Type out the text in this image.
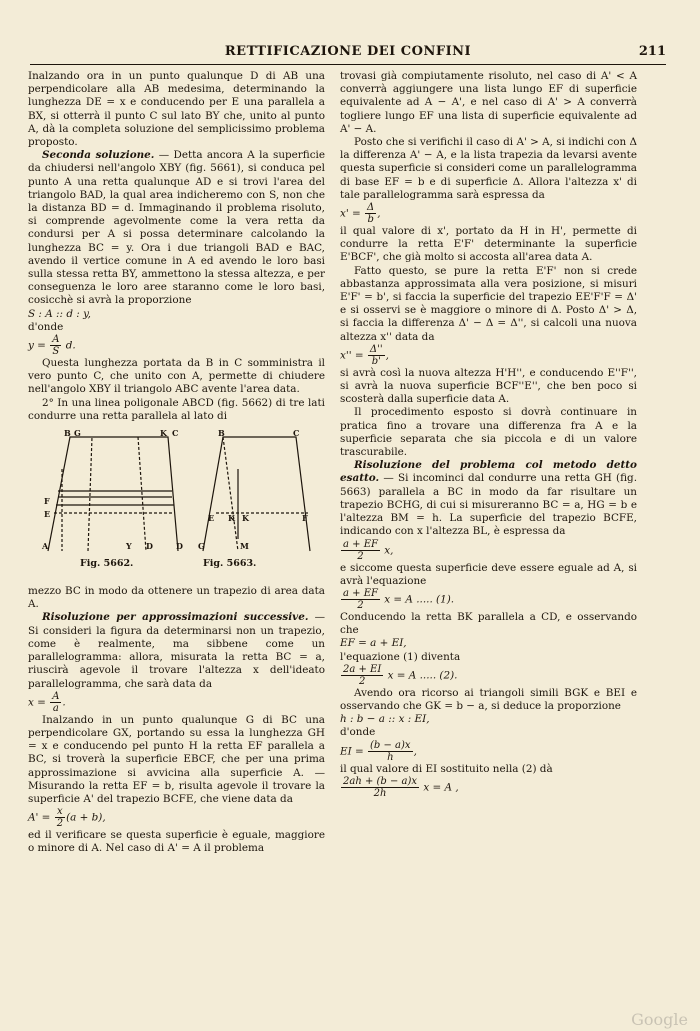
RETTIFICAZIONE DEI CONFINI	211

Inalzando ora in un punto qualunque D di AB una perpendicolare alla AB medesima, determinando la lunghezza DE = x e conducendo per E una parallela a BX, si otterrà il punto C sul lato BY che, unito al punto A, dà la completa soluzione del semplicissimo problema proposto.

Seconda soluzione. — Detta ancora A la superficie da chiudersi nell'angolo XBY (fig. 5661), si conduca pel punto A una retta qualunque AD e si trovi l'area del triangolo BAD, la qual area indicheremo con S, non che la distanza BD = d. Immaginando il problema risoluto, si comprende agevolmente come la vera retta da condursi per A si possa determinare calcolando la lunghezza BC = y. Ora i due triangoli BAD e BAC, avendo il vertice comune in A ed avendo le loro basi sulla stessa retta BY, ammettono la stessa altezza, e per conseguenza le loro aree staranno come le loro basi, cosicchè si avrà la proporzione

S : A :: d : y,

d'onde

$y = \frac{A}{S} d$.

Questa lunghezza portata da B in C somministra il vero punto C, che unito con A, permette di chiudere nell'angolo XBY il triangolo ABC avente l'area data.

2° In una linea poligonale ABCD (fig. 5662) di tre lati condurre una retta parallela al lato di

B G	K C
E
F
A	Y D	D
B	C
E K K
G	M
F
Fig. 5662.	Fig. 5663.

mezzo BC in modo da ottenere un trapezio di area data A.

Risoluzione per approssimazioni successive. — Si consideri la figura da determinarsi non un trapezio, come è realmente, ma sibbene come un parallelogramma: allora, misurata la retta BC = a, riuscirà agevole il trovare l'altezza x dell'ideato parallelogramma, che sarà data da

$x = \frac{A}{a}$ .

Inalzando in un punto qualunque G di BC una perpendicolare GX, portando su essa la lunghezza GH = x e conducendo pel punto H la retta EF parallela a BC, si troverà la superficie EBCF, che per una prima approssimazione si avvicina alla superficie A. — Misurando la retta EF = b, risulta agevole il trovare la superficie A' del trapezio BCFE, che viene data da

$A' = \frac{x}{2} (a + b)$,

ed il verificare se questa superficie è eguale, maggiore o minore di A. Nel caso di A' = A il problema

trovasi già compiutamente risoluto, nel caso di A' < A converrà aggiungere una lista lungo EF di superficie equivalente ad A − A', e nel caso di A' > A converrà togliere lungo EF una lista di superficie equivalente ad A' − A.

Posto che si verifichi il caso di A' > A, si indichi con Δ la differenza A' − A, e la lista trapezia da levarsi avente questa superficie si consideri come un parallelogramma di base EF = b e di superficie Δ. Allora l'altezza x' di tale parallelogramma sarà espressa da

$x' = \frac{\Delta}{b}$ ,

il qual valore di x', portato da H in H', permette di condurre la retta E'F' determinante la superficie E'BCF', che già molto si accosta all'area data A.

Fatto questo, se pure la retta E'F' non si crede abbastanza approssimata alla vera posizione, si misuri E'F' = b', si faccia la superficie del trapezio EE'F'F = Δ' e si osservi se è maggiore o minore di Δ. Posto Δ' > Δ, si faccia la differenza Δ' − Δ = Δ'', si calcoli una nuova altezza x'' data da

$x'' = \frac{\Delta''}{b'}$ ,

si avrà così la nuova altezza H'H'', e conducendo E''F'', si avrà la nuova superficie BCF''E'', che ben poco si scosterà dalla superficie data A.

Il procedimento esposto si dovrà continuare in pratica fino a trovare una differenza fra A e la superficie separata che sia piccola e di un valore trascurabile.

Risoluzione del problema col metodo detto esatto. — Si incominci dal condurre una retta GH (fig. 5663) parallela a BC in modo da far risultare un trapezio BCHG, di cui si misureranno BC = a, HG = b e l'altezza BM = h. La superficie del trapezio BCFE, indicando con x l'altezza BL, è espressa da

$\frac{a + EF}{2} x$,

e siccome questa superficie deve essere eguale ad A, si avrà l'equazione

$\frac{a + EF}{2}$ x = A ..... (1).

Conducendo la retta BK parallela a CD, e osservando che

EF = a + EI,

l'equazione (1) diventa

$\frac{2a + EI}{2}$ x = A ..... (2).

Avendo ora ricorso ai triangoli simili BGK e BEI e osservando che GK = b − a, si deduce la proporzione

h : b − a :: x : EI,

d'onde

EI = $\frac{(b - a)x}{h}$ ,

il qual valore di EI sostituito nella (2) dà

$\frac{2ah + (b - a)x}{2h}$ x = A ,

Google
